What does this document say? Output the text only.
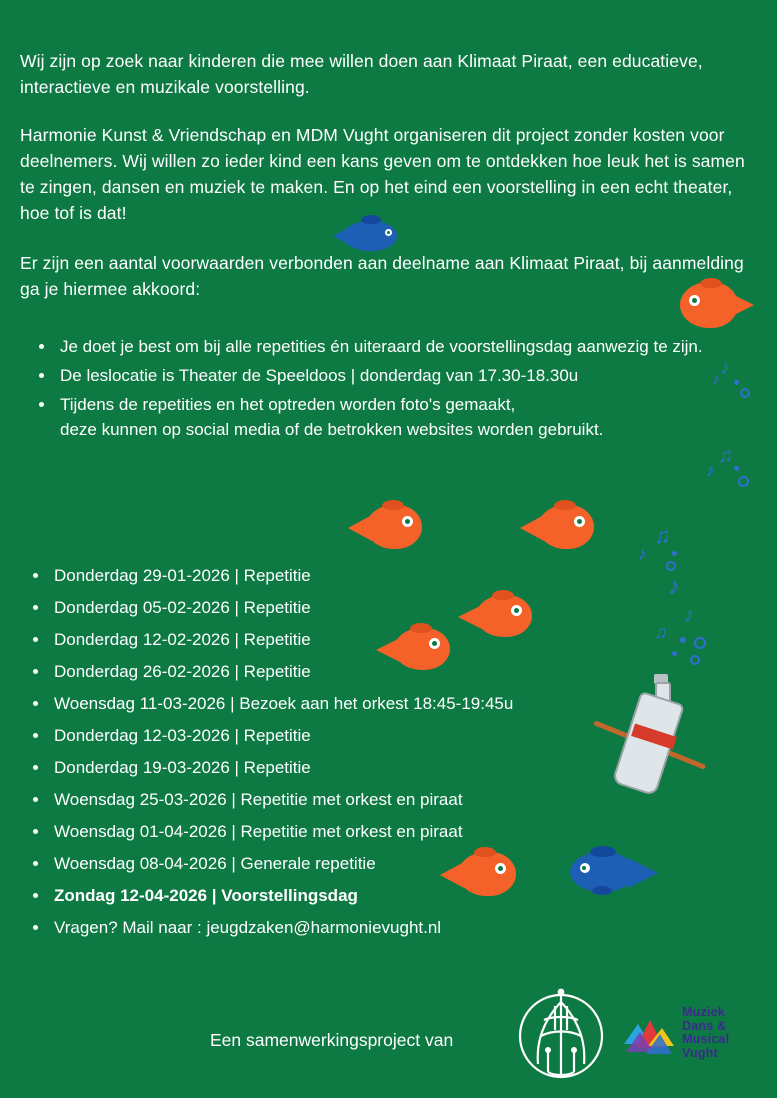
♪
♪
♫
♪
♫
♪
♪
♪
♫

Wij zijn op zoek naar kinderen die mee willen doen aan Klimaat Piraat, een educatieve, interactieve en muzikale voorstelling.

Harmonie Kunst & Vriendschap en MDM Vught organiseren dit project zonder kosten voor deelnemers. Wij willen zo ieder kind een kans geven om te ontdekken hoe leuk het is samen te zingen, dansen en muziek te maken. En op het eind een voorstelling in een echt theater, hoe tof is dat!

Er zijn een aantal voorwaarden verbonden aan deelname aan Klimaat Piraat, bij aanmelding ga je hiermee akkoord:

• Je doet je best om bij alle repetities én uiteraard de voorstellingsdag aanwezig te zijn.
• De leslocatie is Theater de Speeldoos | donderdag van 17.30-18.30u
• Tijdens de repetities en het optreden worden foto's gemaakt,
deze kunnen op social media of de betrokken websites worden gebruikt.
• Donderdag 29-01-2026 | Repetitie
• Donderdag 05-02-2026 | Repetitie
• Donderdag 12-02-2026 | Repetitie
• Donderdag 26-02-2026 | Repetitie
• Woensdag 11-03-2026 | Bezoek aan het orkest 18:45-19:45u
• Donderdag 12-03-2026 | Repetitie
• Donderdag 19-03-2026 | Repetitie
• Woensdag 25-03-2026 | Repetitie met orkest en piraat
• Woensdag 01-04-2026 | Repetitie met orkest en piraat
• Woensdag 08-04-2026 | Generale repetitie
• Zondag 12-04-2026 | Voorstellingsdag
• Vragen? Mail naar : jeugdzaken@harmonievught.nl
Een samenwerkingsproject van
Muziek
Dans &
Musical
Vught
